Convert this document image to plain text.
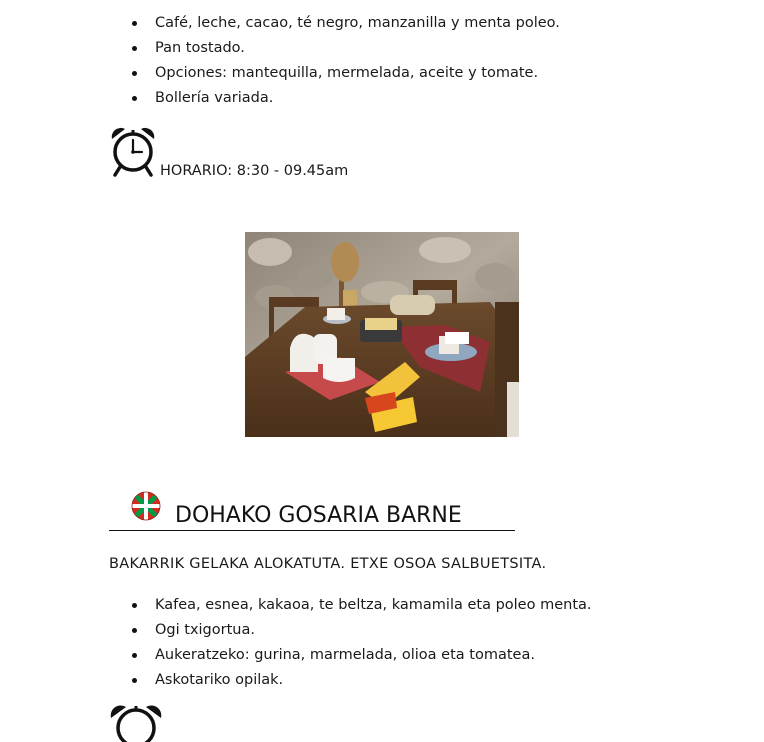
Café, leche, cacao, té negro, manzanilla y menta poleo.
Pan tostado.
Opciones: mantequilla, mermelada, aceite y tomate.
Bollería variada.
HORARIO: 8:30 - 09.45am
DOHAKO GOSARIA BARNE
BAKARRIK GELAKA ALOKATUTA. ETXE OSOA SALBUETSITA.
Kafea, esnea, kakaoa, te beltza, kamamila eta poleo menta.
Ogi txigortua.
Aukeratzeko: gurina, marmelada, olioa eta tomatea.
Askotariko opilak.
